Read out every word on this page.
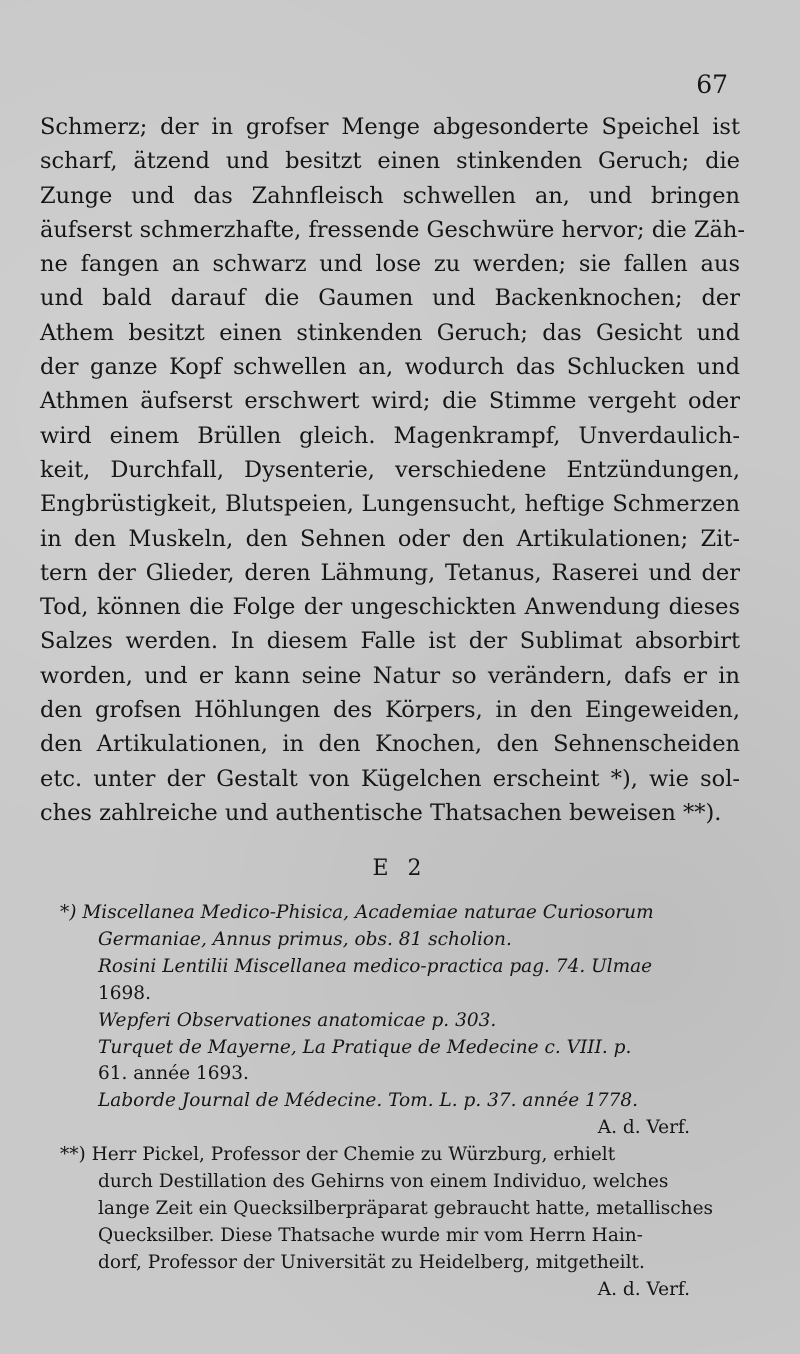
67
Schmerz; der in grofser Menge abgesonderte Speichel ist
scharf, ätzend und besitzt einen stinkenden Geruch; die
Zunge und das Zahnfleisch schwellen an, und bringen
äufserst schmerzhafte, fressende Geschwüre hervor; die Zäh-
ne fangen an schwarz und lose zu werden; sie fallen aus
und bald darauf die Gaumen und Backenknochen; der
Athem besitzt einen stinkenden Geruch; das Gesicht und
der ganze Kopf schwellen an, wodurch das Schlucken und
Athmen äufserst erschwert wird; die Stimme vergeht oder
wird einem Brüllen gleich. Magenkrampf, Unverdaulich-
keit, Durchfall, Dysenterie, verschiedene Entzündungen,
Engbrüstigkeit, Blutspeien, Lungensucht, heftige Schmerzen
in den Muskeln, den Sehnen oder den Artikulationen; Zit-
tern der Glieder, deren Lähmung, Tetanus, Raserei und der
Tod, können die Folge der ungeschickten Anwendung dieses
Salzes werden. In diesem Falle ist der Sublimat absorbirt
worden, und er kann seine Natur so verändern, dafs er in
den grofsen Höhlungen des Körpers, in den Eingeweiden,
den Artikulationen, in den Knochen, den Sehnenscheiden
etc. unter der Gestalt von Kügelchen erscheint *), wie sol-
ches zahlreiche und authentische Thatsachen beweisen **).
E 2
*) Miscellanea Medico-Phisica, Academiae naturae Curiosorum
Germaniae, Annus primus, obs. 81 scholion.
Rosini Lentilii Miscellanea medico-practica pag. 74. Ulmae
1698.
Wepferi Observationes anatomicae p. 303.
Turquet de Mayerne, La Pratique de Medecine c. VIII. p.
61. année 1693.
Laborde Journal de Médecine. Tom. L. p. 37. année 1778.
A. d. Verf.
**) Herr Pickel, Professor der Chemie zu Würzburg, erhielt
durch Destillation des Gehirns von einem Individuo, welches
lange Zeit ein Quecksilberpräparat gebraucht hatte, metallisches
Quecksilber. Diese Thatsache wurde mir vom Herrn Hain-
dorf, Professor der Universität zu Heidelberg, mitgetheilt.
A. d. Verf.
